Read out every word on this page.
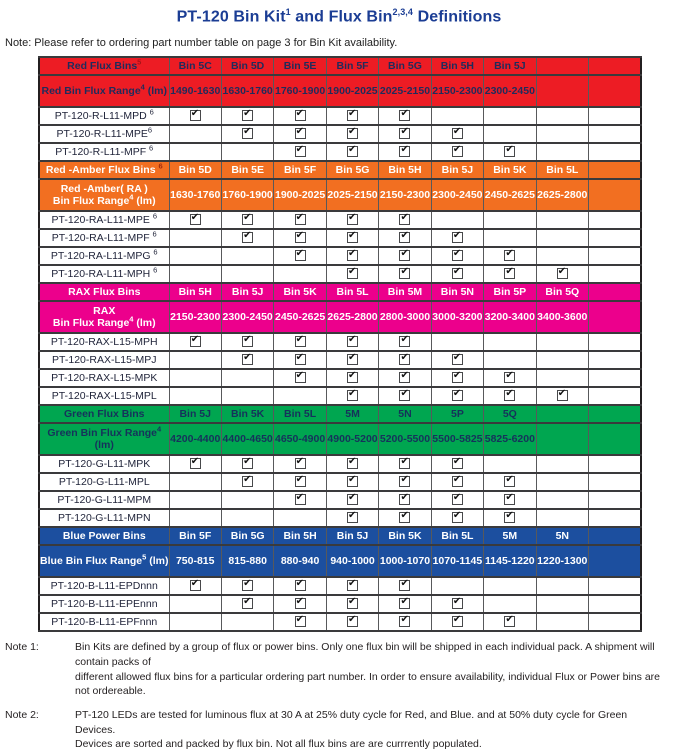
PT-120 Bin Kit$^1$ and Flux Bin$^{2,3,4}$ Definitions
Note: Please refer to ordering part number table on page 3 for Bin Kit availability.
Red Flux Bins$^5$	Bin 5C	Bin 5D	Bin 5E	Bin 5F	Bin 5G	Bin 5H	Bin 5J		
Red Bin Flux Range$^4$ (lm)	1490-1630	1630-1760	1760-1900	1900-2025	2025-2150	2150-2300	2300-2450		
PT-120-R-L11-MPD $^6$	✔	✔	✔	✔	✔				
PT-120-R-L11-MPE$^6$		✔	✔	✔	✔	✔			
PT-120-R-L11-MPF $^6$			✔	✔	✔	✔	✔		
Red -Amber Flux Bins $^6$	Bin 5D	Bin 5E	Bin 5F	Bin 5G	Bin 5H	Bin 5J	Bin 5K	Bin 5L	
Red -Amber( RA )
Bin Flux Range$^4$ (lm)	1630-1760	1760-1900	1900-2025	2025-2150	2150-2300	2300-2450	2450-2625	2625-2800	
PT-120-RA-L11-MPE $^6$	✔	✔	✔	✔	✔				
PT-120-RA-L11-MPF $^6$		✔	✔	✔	✔	✔			
PT-120-RA-L11-MPG $^6$			✔	✔	✔	✔	✔		
PT-120-RA-L11-MPH $^6$				✔	✔	✔	✔	✔	
RAX Flux Bins	Bin 5H	Bin 5J	Bin 5K	Bin 5L	Bin 5M	Bin 5N	Bin 5P	Bin 5Q	
RAX
Bin Flux Range$^4$ (lm)	2150-2300	2300-2450	2450-2625	2625-2800	2800-3000	3000-3200	3200-3400	3400-3600	
PT-120-RAX-L15-MPH	✔	✔	✔	✔	✔				
PT-120-RAX-L15-MPJ		✔	✔	✔	✔	✔			
PT-120-RAX-L15-MPK			✔	✔	✔	✔	✔		
PT-120-RAX-L15-MPL				✔	✔	✔	✔	✔	
Green Flux Bins	Bin 5J	Bin 5K	Bin 5L	5M	5N	5P	5Q		
Green Bin Flux Range$^4$ (lm)	4200-4400	4400-4650	4650-4900	4900-5200	5200-5500	5500-5825	5825-6200		
PT-120-G-L11-MPK	✔	✔	✔	✔	✔	✔			
PT-120-G-L11-MPL		✔	✔	✔	✔	✔	✔		
PT-120-G-L11-MPM			✔	✔	✔	✔	✔		
PT-120-G-L11-MPN				✔	✔	✔	✔		
Blue Power Bins	Bin 5F	Bin 5G	Bin 5H	Bin 5J	Bin 5K	Bin 5L	5M	5N	
Blue Bin Flux Range$^5$ (lm)	750-815	815-880	880-940	940-1000	1000-1070	1070-1145	1145-1220	1220-1300	
PT-120-B-L11-EPDnnn	✔	✔	✔	✔	✔				
PT-120-B-L11-EPEnnn		✔	✔	✔	✔	✔			
PT-120-B-L11-EPFnnn			✔	✔	✔	✔	✔		
Note 1:	Bin Kits are defined by a group of flux or power bins. Only one flux bin will be shipped in each individual pack. A shipment will contain packs of
different allowed flux bins for a particular ordering part number. In order to ensure availability, individual Flux or Power bins are not ordereable.
Note 2:	PT-120 LEDs are tested for luminous flux at 30 A at 25% duty cycle for Red, and Blue. and at 50% duty cycle for Green Devices.
Devices are sorted and packed by flux bin. Not all flux bins are are currrently populated.
